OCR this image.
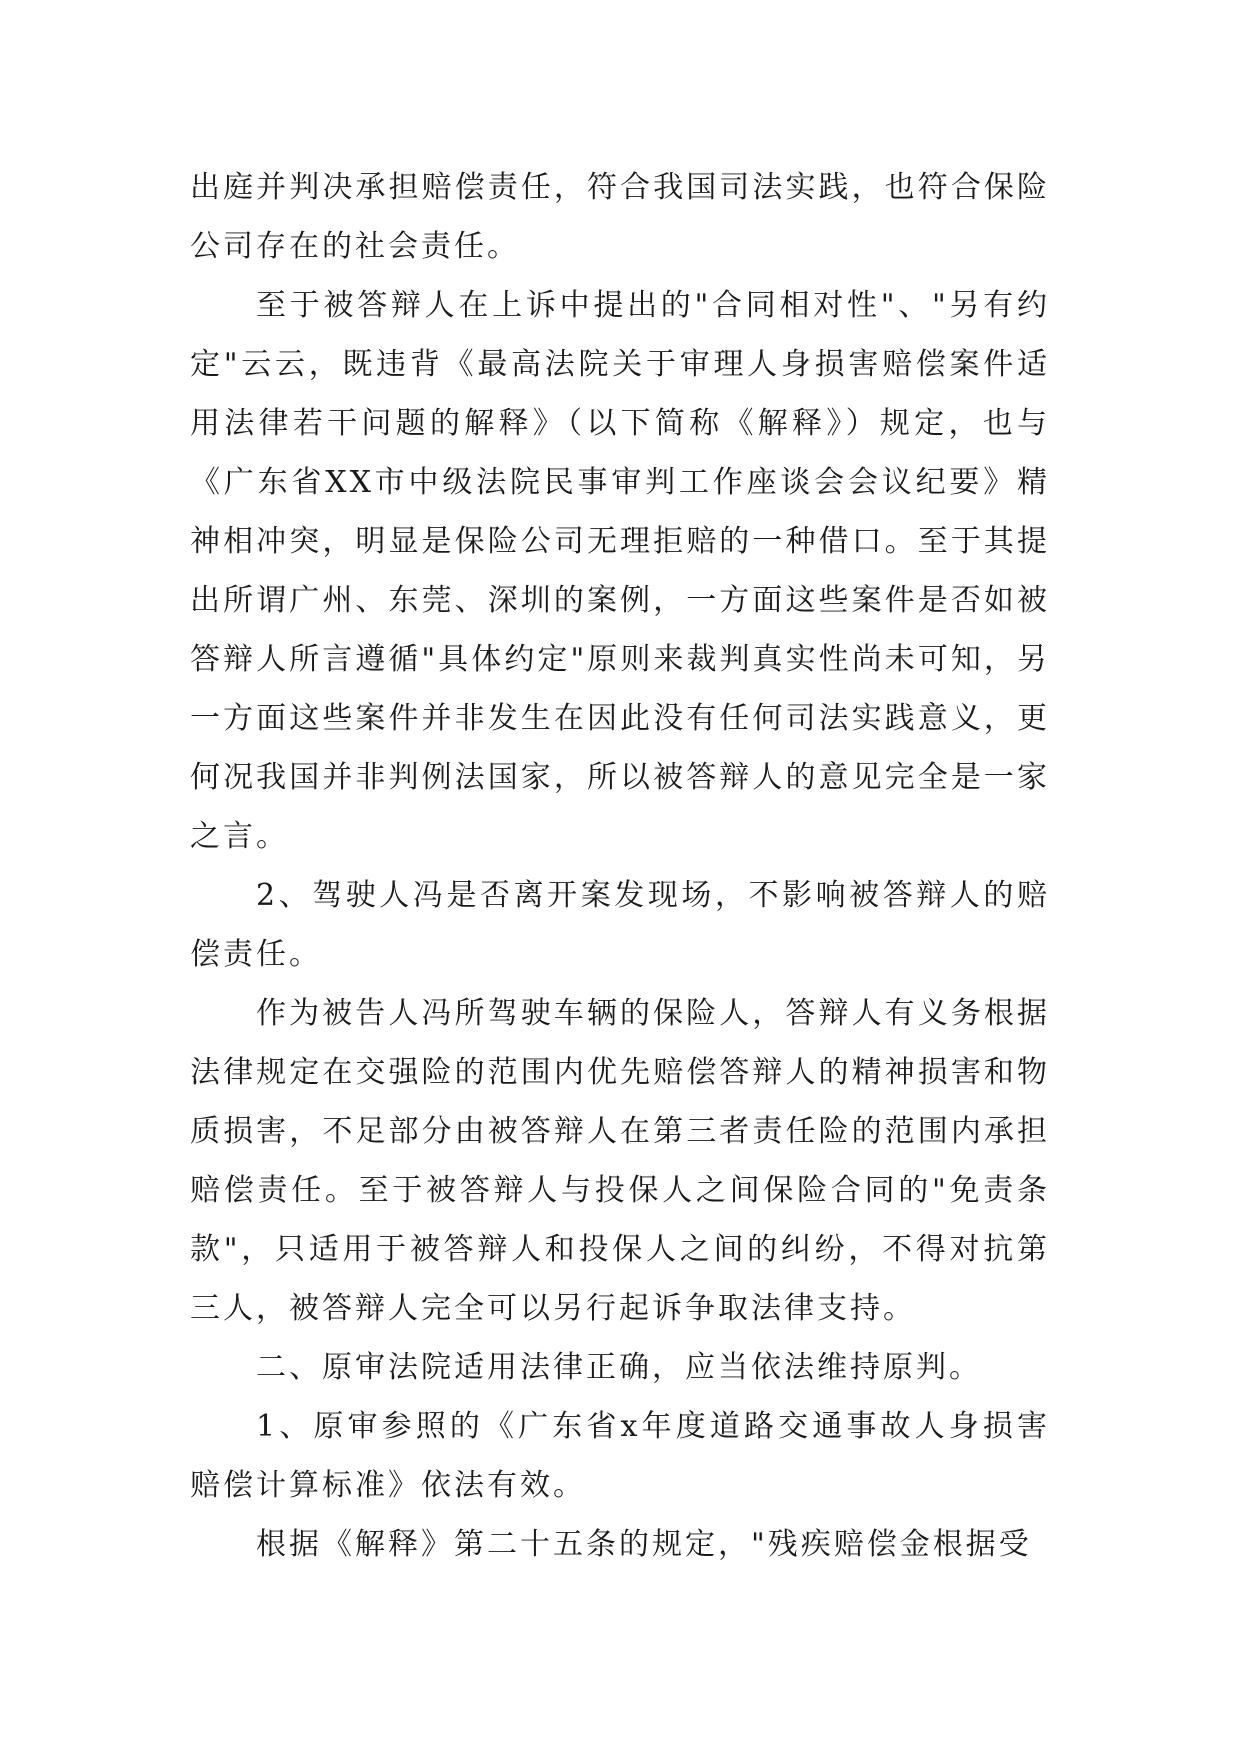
出庭并判决承担赔偿责任，符合我国司法实践，也符合保险公司存在的社会责任。

至于被答辩人在上诉中提出的"合同相对性"、"另有约定"云云，既违背《最高法院关于审理人身损害赔偿案件适用法律若干问题的解释》（以下简称《解释》）规定，也与《广东省XX市中级法院民事审判工作座谈会会议纪要》精神相冲突，明显是保险公司无理拒赔的一种借口。至于其提出所谓广州、东莞、深圳的案例，一方面这些案件是否如被答辩人所言遵循"具体约定"原则来裁判真实性尚未可知，另一方面这些案件并非发生在因此没有任何司法实践意义，更何况我国并非判例法国家，所以被答辩人的意见完全是一家之言。

2、驾驶人冯是否离开案发现场，不影响被答辩人的赔偿责任。

作为被告人冯所驾驶车辆的保险人，答辩人有义务根据法律规定在交强险的范围内优先赔偿答辩人的精神损害和物质损害，不足部分由被答辩人在第三者责任险的范围内承担赔偿责任。至于被答辩人与投保人之间保险合同的"免责条款"，只适用于被答辩人和投保人之间的纠纷，不得对抗第三人，被答辩人完全可以另行起诉争取法律支持。

二、原审法院适用法律正确，应当依法维持原判。

1、原审参照的《广东省x年度道路交通事故人身损害赔偿计算标准》依法有效。

根据《解释》第二十五条的规定，"残疾赔偿金根据受
